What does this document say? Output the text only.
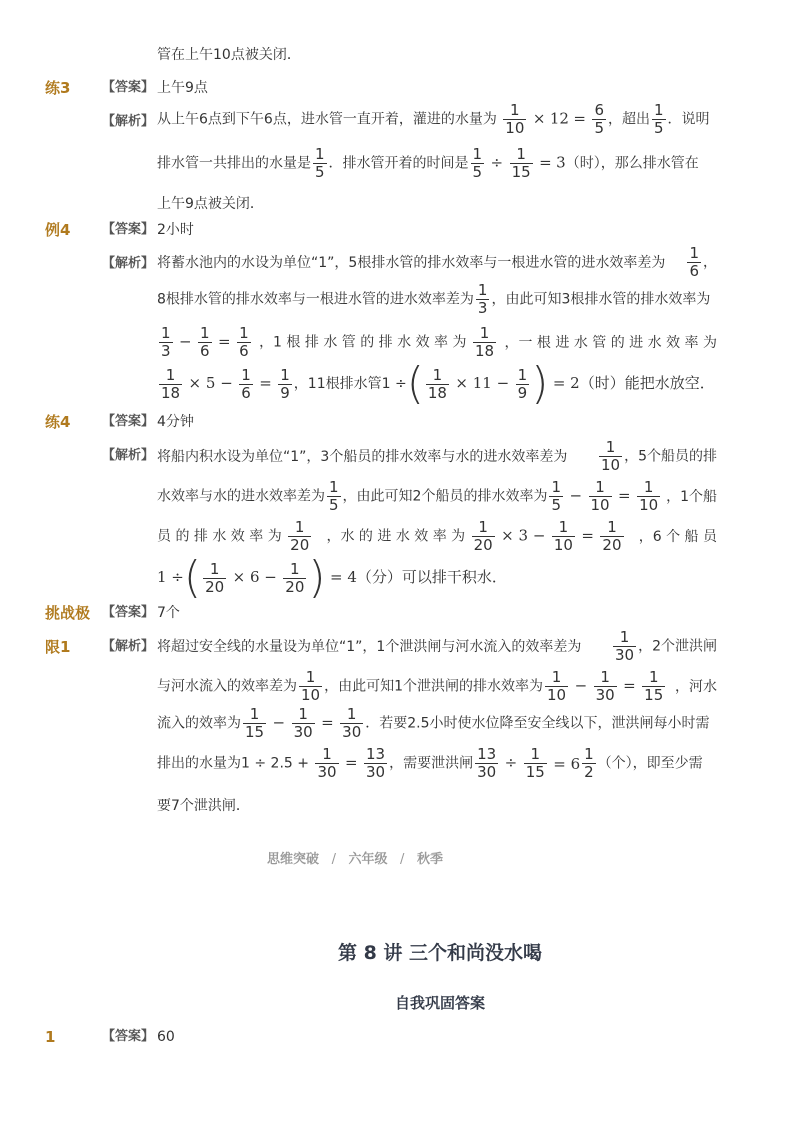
管在上午10点被关闭．
练3 【答案】 上午9点
【解析】 从上午6点到下午6点，进水管一直开着，灌进的水量为 $\frac{1}{10} \times 12 = \frac{6}{5}$ ，超出 $\frac{1}{5}$ ．说明
排水管一共排出的水量是 $\frac{1}{5}$ ．排水管开着的时间是 $\frac{1}{5} \div \frac{1}{15} = 3$（时），那么排水管在
上午9点被关闭．
例4 【答案】 2小时
【解析】 将蓄水池内的水设为单位“1”，5根排水管的排水效率与一根进水管的进水效率差为 $\frac{1}{6}$ ，
8根排水管的排水效率与一根进水管的进水效率差为 $\frac{1}{3}$ ，由此可知3根排水管的排水效率为
$\frac{1}{3} - \frac{1}{6} = \frac{1}{6}$ ，1 根 排 水 管 的 排 水 效 率 为 $\frac{1}{18}$ ，一 根 进 水 管 的 进 水 效 率 为
$\frac{1}{18} \times 5 - \frac{1}{6} = \frac{1}{9}$ ，11根排水管1 ÷( $\frac{1}{18} \times 11 - \frac{1}{9}$ ) = 2（时）能把水放空．
练4 【答案】 4分钟
【解析】 将船内积水设为单位“1”，3个船员的排水效率与水的进水效率差为 $\frac{1}{10}$ ，5个船员的排
水效率与水的进水效率差为 $\frac{1}{5}$ ，由此可知2个船员的排水效率为 $\frac{1}{5} - \frac{1}{10} = \frac{1}{10}$ ，1个船
员 的 排 水 效 率 为 $\frac{1}{20}$ ，水 的 进 水 效 率 为 $\frac{1}{20} \times 3 - \frac{1}{10} = \frac{1}{20}$ ，6 个 船 员
1 ÷( $\frac{1}{20} \times 6 - \frac{1}{20}$ ) = 4（分）可以排干积水．
挑战极 【答案】 7个
限1 【解析】 将超过安全线的水量设为单位“1”，1个泄洪闸与河水流入的效率差为 $\frac{1}{30}$ ，2个泄洪闸
与河水流入的效率差为 $\frac{1}{10}$ ，由此可知1个泄洪闸的排水效率为 $\frac{1}{10} - \frac{1}{30} = \frac{1}{15}$ ，河水
流入的效率为 $\frac{1}{15} - \frac{1}{30} = \frac{1}{30}$ ．若要2.5小时使水位降至安全线以下，泄洪闸每小时需
排出的水量为$1 \div 2.5 + \frac{1}{30} = \frac{13}{30}$ ，需要泄洪闸 $\frac{13}{30} \div \frac{1}{15}$
= $6 \frac{1}{2}$ （个），即至少需
要7个泄洪闸．
思维突破 / 六年级 / 秋季
第 8 讲 三个和尚没水喝
自我巩固答案
1	【答案】 60
